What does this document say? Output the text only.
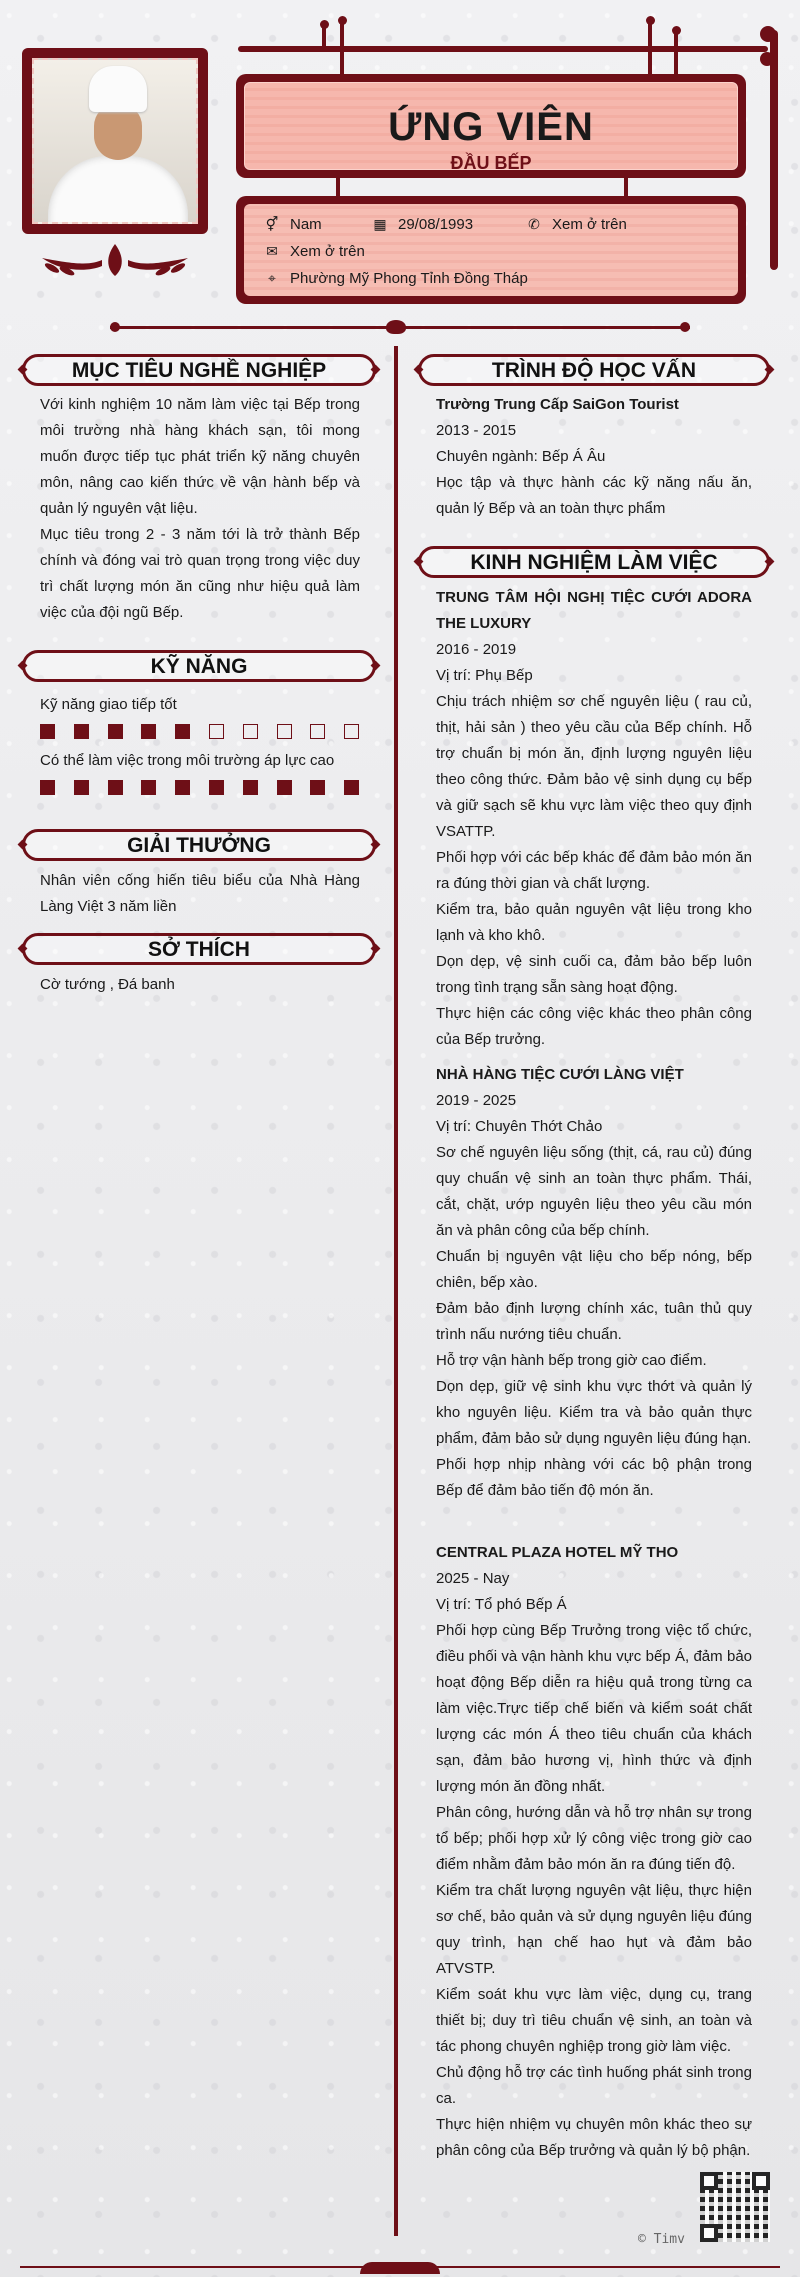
ỨNG VIÊN
ĐẦU BẾP
⚥ Nam	▦ 29/08/1993	✆ Xem ở trên
✉ Xem ở trên
⌖ Phường Mỹ Phong Tỉnh Đồng Tháp
MỤC TIÊU NGHỀ NGHIỆP

Với kinh nghiệm 10 năm làm việc tại Bếp trong môi trường nhà hàng khách sạn, tôi mong muốn được tiếp tục phát triển kỹ năng chuyên môn, nâng cao kiến thức về vận hành bếp và quản lý nguyên vật liệu.

Mục tiêu trong 2 - 3 năm tới là trở thành Bếp chính và đóng vai trò quan trọng trong việc duy trì chất lượng món ăn cũng như hiệu quả làm việc của đội ngũ Bếp.

KỸ NĂNG
Kỹ năng giao tiếp tốt
Có thể làm việc trong môi trường áp lực cao
GIẢI THƯỞNG
Nhân viên cống hiến tiêu biểu của Nhà Hàng Làng Việt 3 năm liền
SỞ THÍCH
Cờ tướng , Đá banh
TRÌNH ĐỘ HỌC VẤN

Trường Trung Cấp SaiGon Tourist

2013 - 2015

Chuyên ngành: Bếp Á Âu

Học tập và thực hành các kỹ năng nấu ăn, quản lý Bếp và an toàn thực phẩm

KINH NGHIỆM LÀM VIỆC

TRUNG TÂM HỘI NGHỊ TIỆC CƯỚI ADORA THE LUXURY

2016 - 2019

Vị trí: Phụ Bếp

Chịu trách nhiệm sơ chế nguyên liệu ( rau củ, thịt, hải sản ) theo yêu cầu của Bếp chính. Hỗ trợ chuẩn bị món ăn, định lượng nguyên liệu theo công thức. Đảm bảo vệ sinh dụng cụ bếp và giữ sạch sẽ khu vực làm việc theo quy định VSATTP.

Phối hợp với các bếp khác để đảm bảo món ăn ra đúng thời gian và chất lượng.

Kiểm tra, bảo quản nguyên vật liệu trong kho lạnh và kho khô.

Dọn dẹp, vệ sinh cuối ca, đảm bảo bếp luôn trong tình trạng sẵn sàng hoạt động.

Thực hiện các công việc khác theo phân công của Bếp trưởng.

NHÀ HÀNG TIỆC CƯỚI LÀNG VIỆT

2019 - 2025

Vị trí: Chuyên Thớt Chảo

Sơ chế nguyên liệu sống (thịt, cá, rau củ) đúng quy chuẩn vệ sinh an toàn thực phẩm. Thái, cắt, chặt, ướp nguyên liệu theo yêu cầu món ăn và phân công của bếp chính.

Chuẩn bị nguyên vật liệu cho bếp nóng, bếp chiên, bếp xào.

Đảm bảo định lượng chính xác, tuân thủ quy trình nấu nướng tiêu chuẩn.

Hỗ trợ vận hành bếp trong giờ cao điểm.

Dọn dẹp, giữ vệ sinh khu vực thớt và quản lý kho nguyên liệu. Kiểm tra và bảo quản thực phẩm, đảm bảo sử dụng nguyên liệu đúng hạn.

Phối hợp nhịp nhàng với các bộ phận trong Bếp để đảm bảo tiến độ món ăn.

CENTRAL PLAZA HOTEL MỸ THO

2025 - Nay

Vị trí: Tổ phó Bếp Á

Phối hợp cùng Bếp Trưởng trong việc tổ chức, điều phối và vận hành khu vực bếp Á, đảm bảo hoạt động Bếp diễn ra hiệu quả trong từng ca làm việc.Trực tiếp chế biến và kiểm soát chất lượng các món Á theo tiêu chuẩn của khách sạn, đảm bảo hương vị, hình thức và định lượng món ăn đồng nhất.

Phân công, hướng dẫn và hỗ trợ nhân sự trong tổ bếp; phối hợp xử lý công việc trong giờ cao điểm nhằm đảm bảo món ăn ra đúng tiến độ.

Kiểm tra chất lượng nguyên vật liệu, thực hiện sơ chế, bảo quản và sử dụng nguyên liệu đúng quy trình, hạn chế hao hụt và đảm bảo ATVSTP.

Kiểm soát khu vực làm việc, dụng cụ, trang thiết bị; duy trì tiêu chuẩn vệ sinh, an toàn và tác phong chuyên nghiệp trong giờ làm việc.

Chủ động hỗ trợ các tình huống phát sinh trong ca.

Thực hiện nhiệm vụ chuyên môn khác theo sự phân công của Bếp trưởng và quản lý bộ phận.

© Timv
